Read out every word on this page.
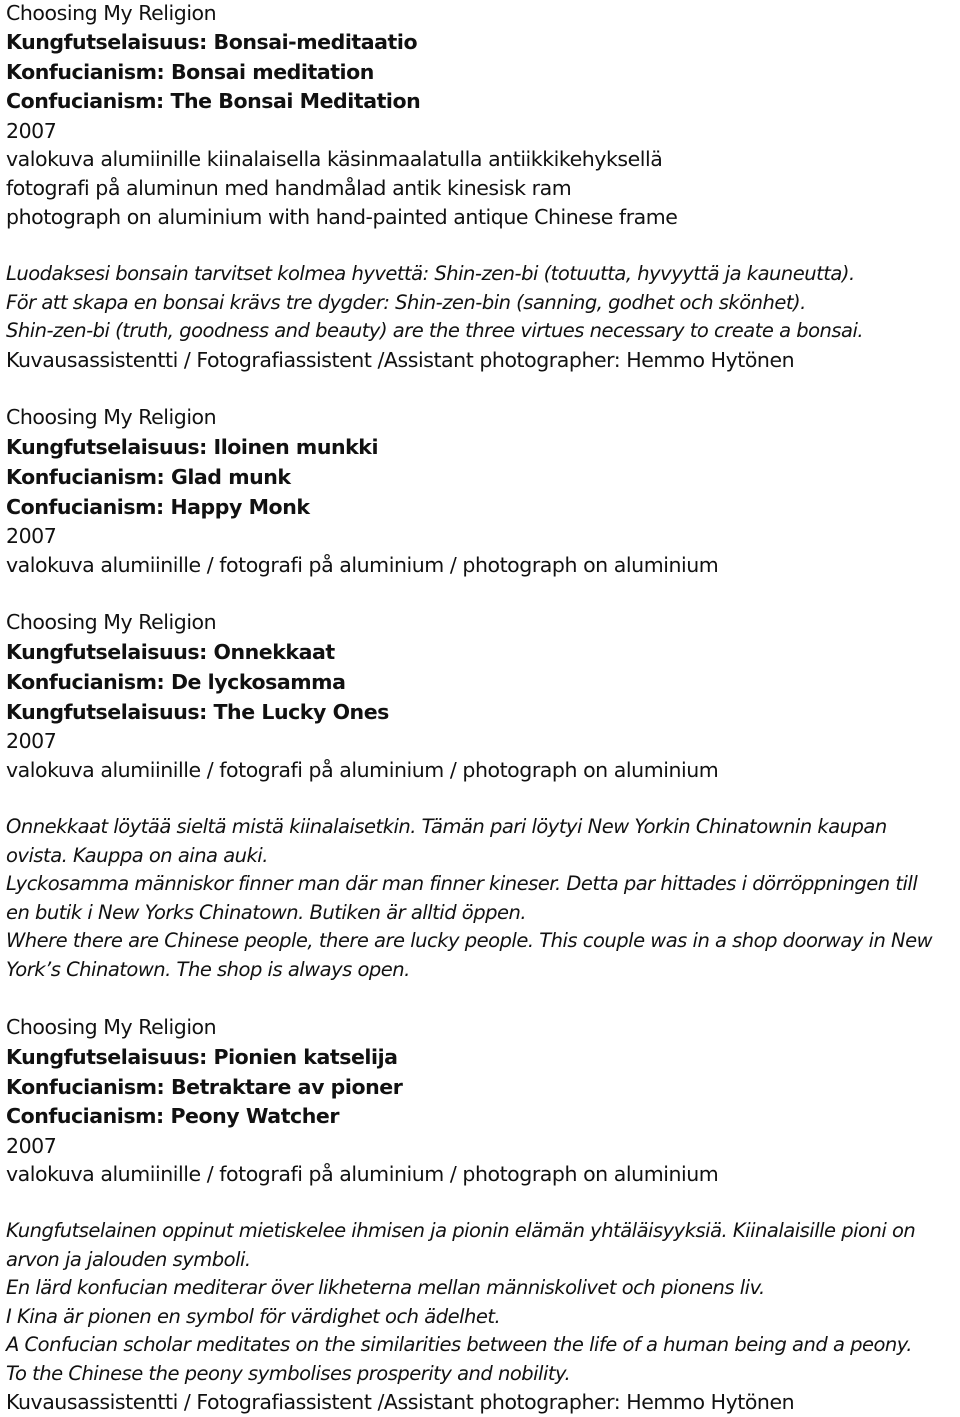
Choosing My Religion
Kungfutselaisuus: Bonsai-meditaatio
Konfucianism: Bonsai meditation
Confucianism: The Bonsai Meditation
2007
valokuva alumiinille kiinalaisella käsinmaalatulla antiikkikehyksellä
fotografi på aluminun med handmålad antik kinesisk ram
photograph on aluminium with hand-painted antique Chinese frame
Luodaksesi bonsain tarvitset kolmea hyvettä: Shin-zen-bi (totuutta, hyvyyttä ja kauneutta).
För att skapa en bonsai krävs tre dygder: Shin-zen-bin (sanning, godhet och skönhet).
Shin-zen-bi (truth, goodness and beauty) are the three virtues necessary to create a bonsai.
Kuvausassistentti / Fotografiassistent /Assistant photographer: Hemmo Hytönen
Choosing My Religion
Kungfutselaisuus: Iloinen munkki
Konfucianism: Glad munk
Confucianism: Happy Monk
2007
valokuva alumiinille / fotografi på aluminium / photograph on aluminium
Choosing My Religion
Kungfutselaisuus: Onnekkaat
Konfucianism: De lyckosamma
Kungfutselaisuus: The Lucky Ones
2007
valokuva alumiinille / fotografi på aluminium / photograph on aluminium
Onnekkaat löytää sieltä mistä kiinalaisetkin. Tämän pari löytyi New Yorkin Chinatownin kaupan
ovista. Kauppa on aina auki.
Lyckosamma människor finner man där man finner kineser. Detta par hittades i dörröppningen till
en butik i New Yorks Chinatown. Butiken är alltid öppen.
Where there are Chinese people, there are lucky people. This couple was in a shop doorway in New
York’s Chinatown. The shop is always open.
Choosing My Religion
Kungfutselaisuus: Pionien katselija
Konfucianism: Betraktare av pioner
Confucianism: Peony Watcher
2007
valokuva alumiinille / fotografi på aluminium / photograph on aluminium
Kungfutselainen oppinut mietiskelee ihmisen ja pionin elämän yhtäläisyyksiä. Kiinalaisille pioni on
arvon ja jalouden symboli.
En lärd konfucian mediterar över likheterna mellan människolivet och pionens liv.
I Kina är pionen en symbol för värdighet och ädelhet.
A Confucian scholar meditates on the similarities between the life of a human being and a peony.
To the Chinese the peony symbolises prosperity and nobility.
Kuvausassistentti / Fotografiassistent /Assistant photographer: Hemmo Hytönen
